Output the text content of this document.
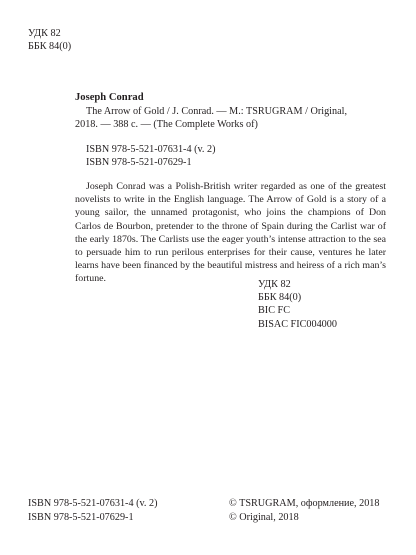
УДК 82
ББК 84(0)
Joseph Conrad
The Arrow of Gold / J. Conrad. — M.: TSRUGRAM / Original,
2018. — 388 с. — (The Complete Works of)
ISBN 978-5-521-07631-4 (v. 2)
ISBN 978-5-521-07629-1

Joseph Conrad was a Polish-British writer regarded as one of the greatest novelists to write in the English language. The Arrow of Gold is a story of a young sailor, the unnamed protagonist, who joins the champions of Don Carlos de Bourbon, pretender to the throne of Spain during the Carlist war of the early 1870s. The Carlists use the eager youth’s intense attraction to the sea to persuade him to run perilous enterprises for their cause, ventures he later learns have been financed by the beautiful mistress and heiress of a rich man’s fortune.

УДК 82
ББК 84(0)
BIC FC
BISAC FIC004000
ISBN 978-5-521-07631-4 (v. 2)
ISBN 978-5-521-07629-1
© TSRUGRAM, оформление, 2018
© Original, 2018
